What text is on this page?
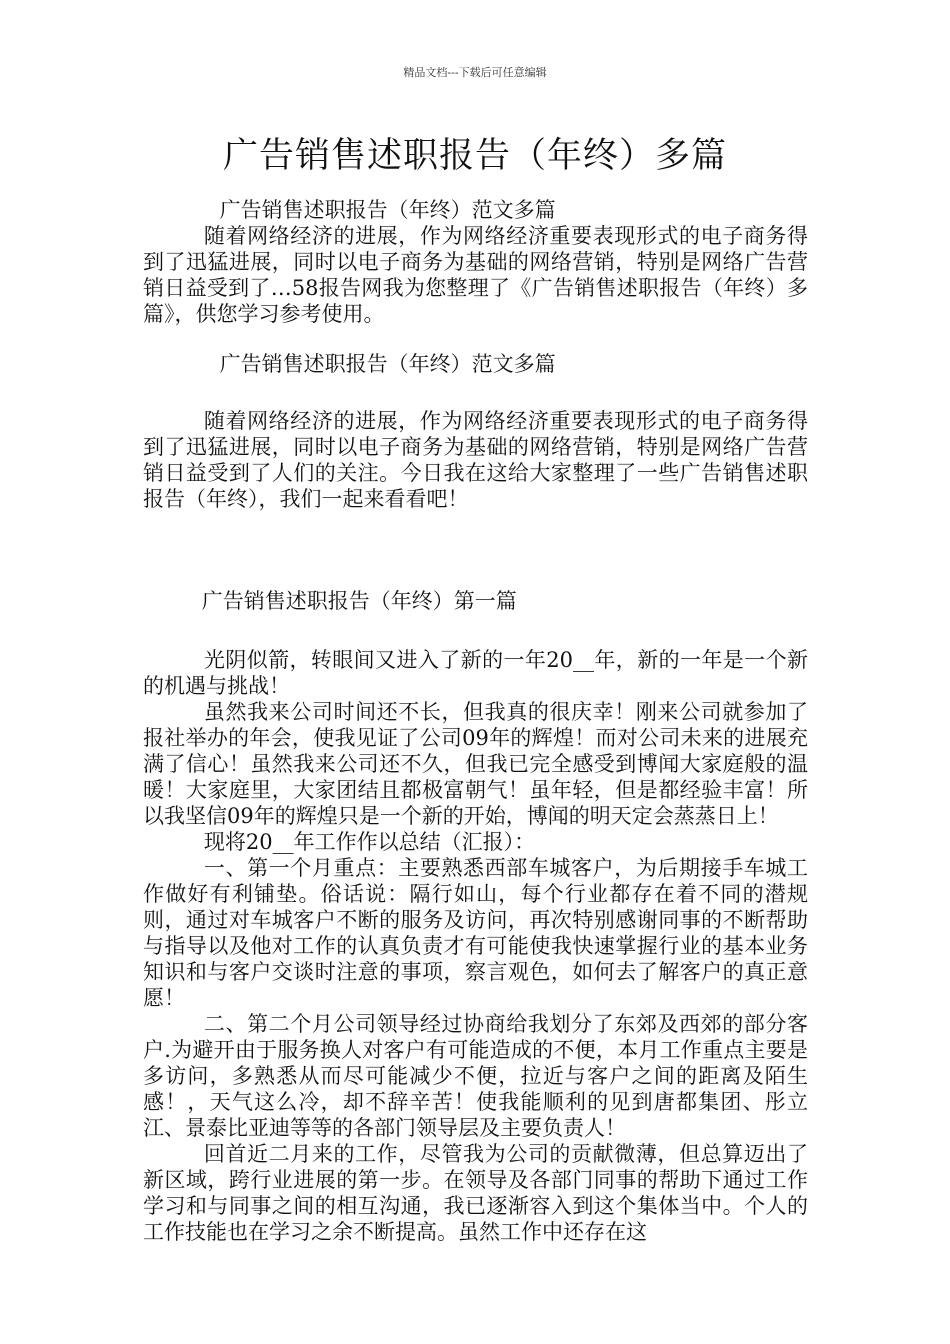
精品文档---下载后可任意编辑
广告销售述职报告（年终）多篇

广告销售述职报告（年终）范文多篇

随着网络经济的进展，作为网络经济重要表现形式的电子商务得到了迅猛进展，同时以电子商务为基础的网络营销，特别是网络广告营销日益受到了…58报告网我为您整理了《广告销售述职报告（年终）多篇》，供您学习参考使用。

广告销售述职报告（年终）范文多篇

随着网络经济的进展，作为网络经济重要表现形式的电子商务得到了迅猛进展，同时以电子商务为基础的网络营销，特别是网络广告营销日益受到了人们的关注。今日我在这给大家整理了一些广告销售述职报告（年终），我们一起来看看吧！

广告销售述职报告（年终）第一篇

光阴似箭，转眼间又进入了新的一年20__年，新的一年是一个新的机遇与挑战！

虽然我来公司时间还不长，但我真的很庆幸！刚来公司就参加了报社举办的年会，使我见证了公司09年的辉煌！而对公司未来的进展充满了信心！虽然我来公司还不久，但我已完全感受到博闻大家庭般的温暖！大家庭里，大家团结且都极富朝气！虽年轻，但是都经验丰富！所以我坚信09年的辉煌只是一个新的开始，博闻的明天定会蒸蒸日上！

现将20__年工作作以总结（汇报）：

一、第一个月重点：主要熟悉西部车城客户，为后期接手车城工作做好有利铺垫。俗话说：隔行如山，每个行业都存在着不同的潜规则，通过对车城客户不断的服务及访问，再次特别感谢同事的不断帮助与指导以及他对工作的认真负责才有可能使我快速掌握行业的基本业务知识和与客户交谈时注意的事项，察言观色，如何去了解客户的真正意愿！

二、第二个月公司领导经过协商给我划分了东郊及西郊的部分客户.为避开由于服务换人对客户有可能造成的不便，本月工作重点主要是多访问，多熟悉从而尽可能减少不便，拉近与客户之间的距离及陌生感！，天气这么冷，却不辞辛苦！使我能顺利的见到唐都集团、彤立江、景泰比亚迪等等的各部门领导层及主要负责人！

回首近二月来的工作，尽管我为公司的贡献微薄，但总算迈出了新区域，跨行业进展的第一步。在领导及各部门同事的帮助下通过工作学习和与同事之间的相互沟通，我已逐渐容入到这个集体当中。个人的工作技能也在学习之余不断提高。虽然工作中还存在这
